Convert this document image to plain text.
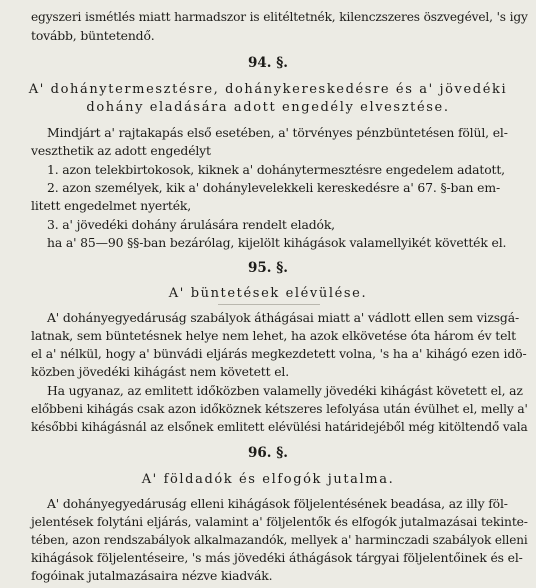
egyszeri ismétlés miatt harmadszor is elitéltetnék, kilenczszeres öszvegével, 's igy
tovább, büntetendő.
94. §.
A' dohánytermesztésre, dohánykereskedésre és a' jövedéki
dohány eladására adott engedély elvesztése.
Mindjárt a' rajtakapás első esetében, a' törvényes pénzbüntetésen fölül, el-
veszthetik az adott engedélyt
1. azon telekbirtokosok, kiknek a' dohánytermesztésre engedelem adatott,
2. azon személyek, kik a' dohánylevelekkeli kereskedésre a' 67. §-ban em-
litett engedelmet nyerték,
3. a' jövedéki dohány árulására rendelt eladók,
ha a' 85—90 §§-ban bezárólag, kijelölt kihágások valamellyikét követték el.
95. §.
A' büntetések elévülése.
A' dohányegyedáruság szabályok áthágásai miatt a' vádlott ellen sem vizsgá-
latnak, sem büntetésnek helye nem lehet, ha azok elkövetése óta három év telt
el a' nélkül, hogy a' bünvádi eljárás megkezdetett volna, 's ha a' kihágó ezen idö-
közben jövedéki kihágást nem követett el.
Ha ugyanaz, az emlitett időközben valamelly jövedéki kihágást követett el, az
előbbeni kihágás csak azon időköznek kétszeres lefolyása után évülhet el, melly a'
későbbi kihágásnál az elsőnek emlitett elévülési határidejéből még kitöltendő vala
96. §.
A' földadók és elfogók jutalma.
A' dohányegyedáruság elleni kihágások följelentésének beadása, az illy föl-
jelentések folytáni eljárás, valamint a' följelentők és elfogók jutalmazásai tekinte-
tében, azon rendszabályok alkalmazandók, mellyek a' harminczadi szabályok elleni
kihágások följelentéseire, 's más jövedéki áthágások tárgyai följelentőinek és el-
fogóinak jutalmazásaira nézve kiadvák.
